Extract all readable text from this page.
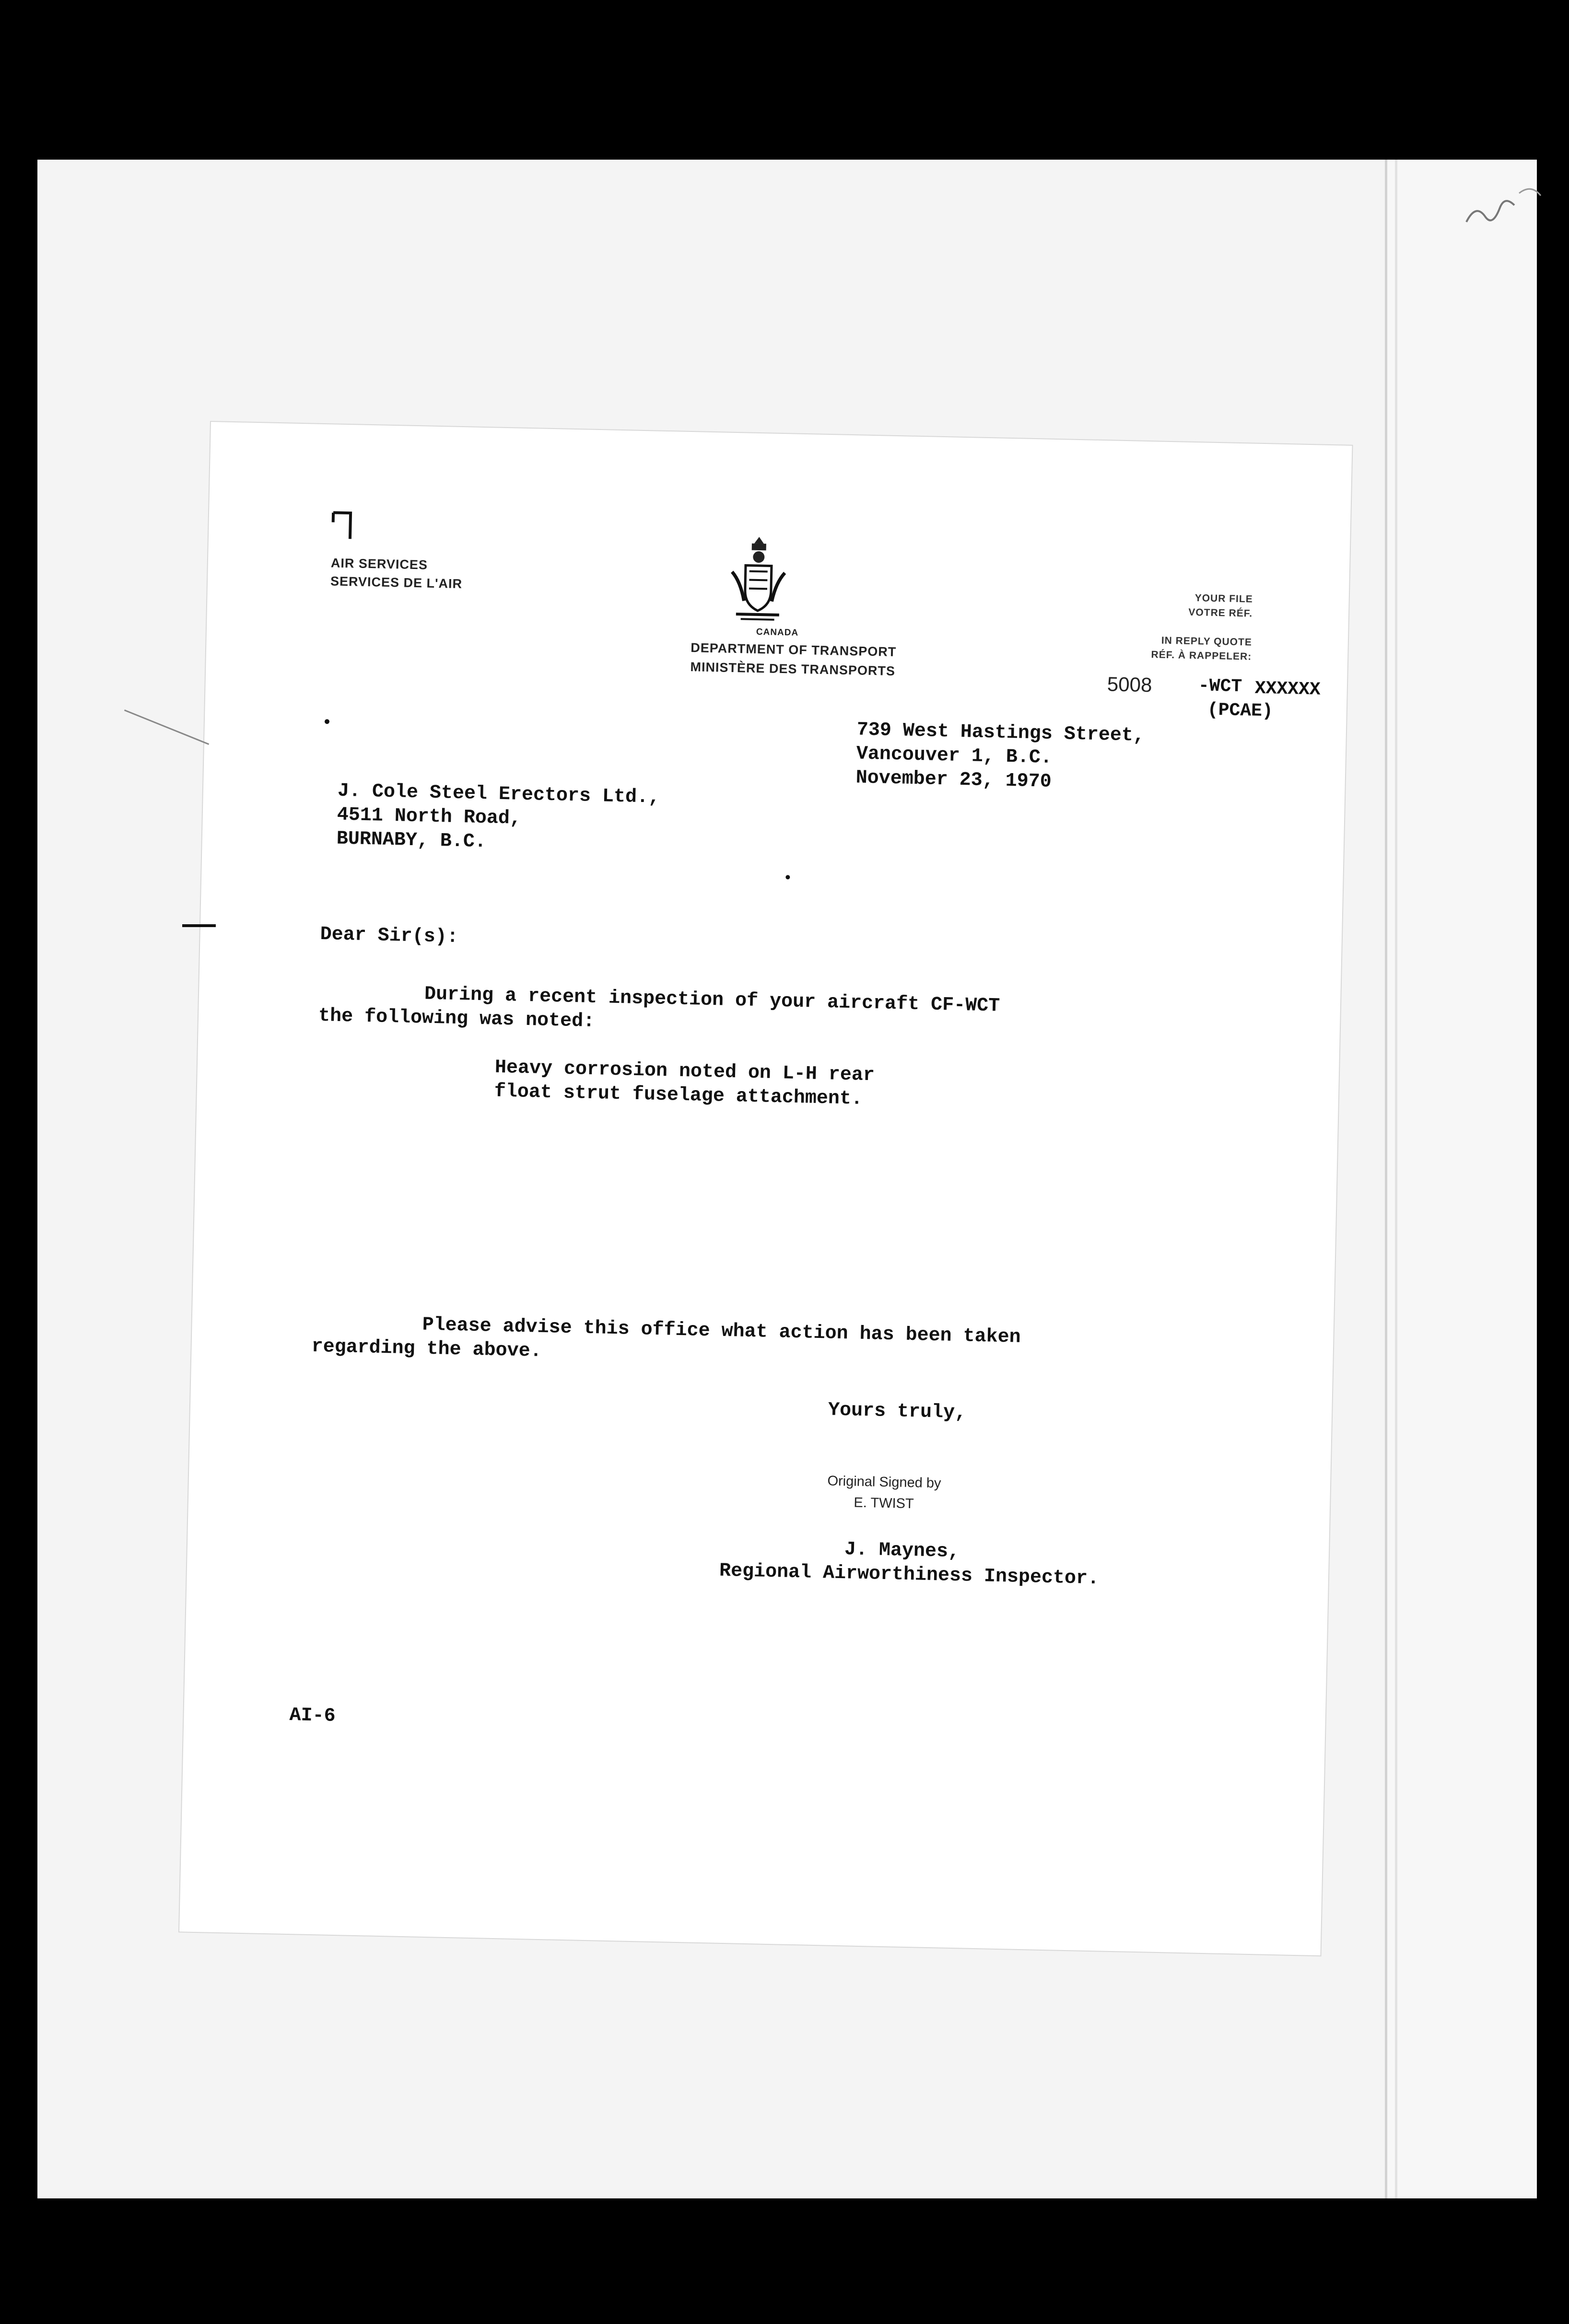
AIR SERVICES
SERVICES DE L'AIR
CANADA
DEPARTMENT OF TRANSPORT
MINISTÈRE DES TRANSPORTS
YOUR FILE
VOTRE RÉF.
IN REPLY QUOTE
RÉF. À RAPPELER:
5008	-WCT XXXXXX
(PCAE)
739 West Hastings Street,
Vancouver 1, B.C.
November 23, 1970
J. Cole Steel Erectors Ltd.,
4511 North Road,
BURNABY, B.C.
Dear Sir(s):
During a recent inspection of your aircraft CF-WCT
the following was noted:
Heavy corrosion noted on L-H rear
float strut fuselage attachment.
Please advise this office what action has been taken
regarding the above.
Yours truly,
Original Signed by
E. TWIST
J. Maynes,
Regional Airworthiness Inspector.
AI-6
